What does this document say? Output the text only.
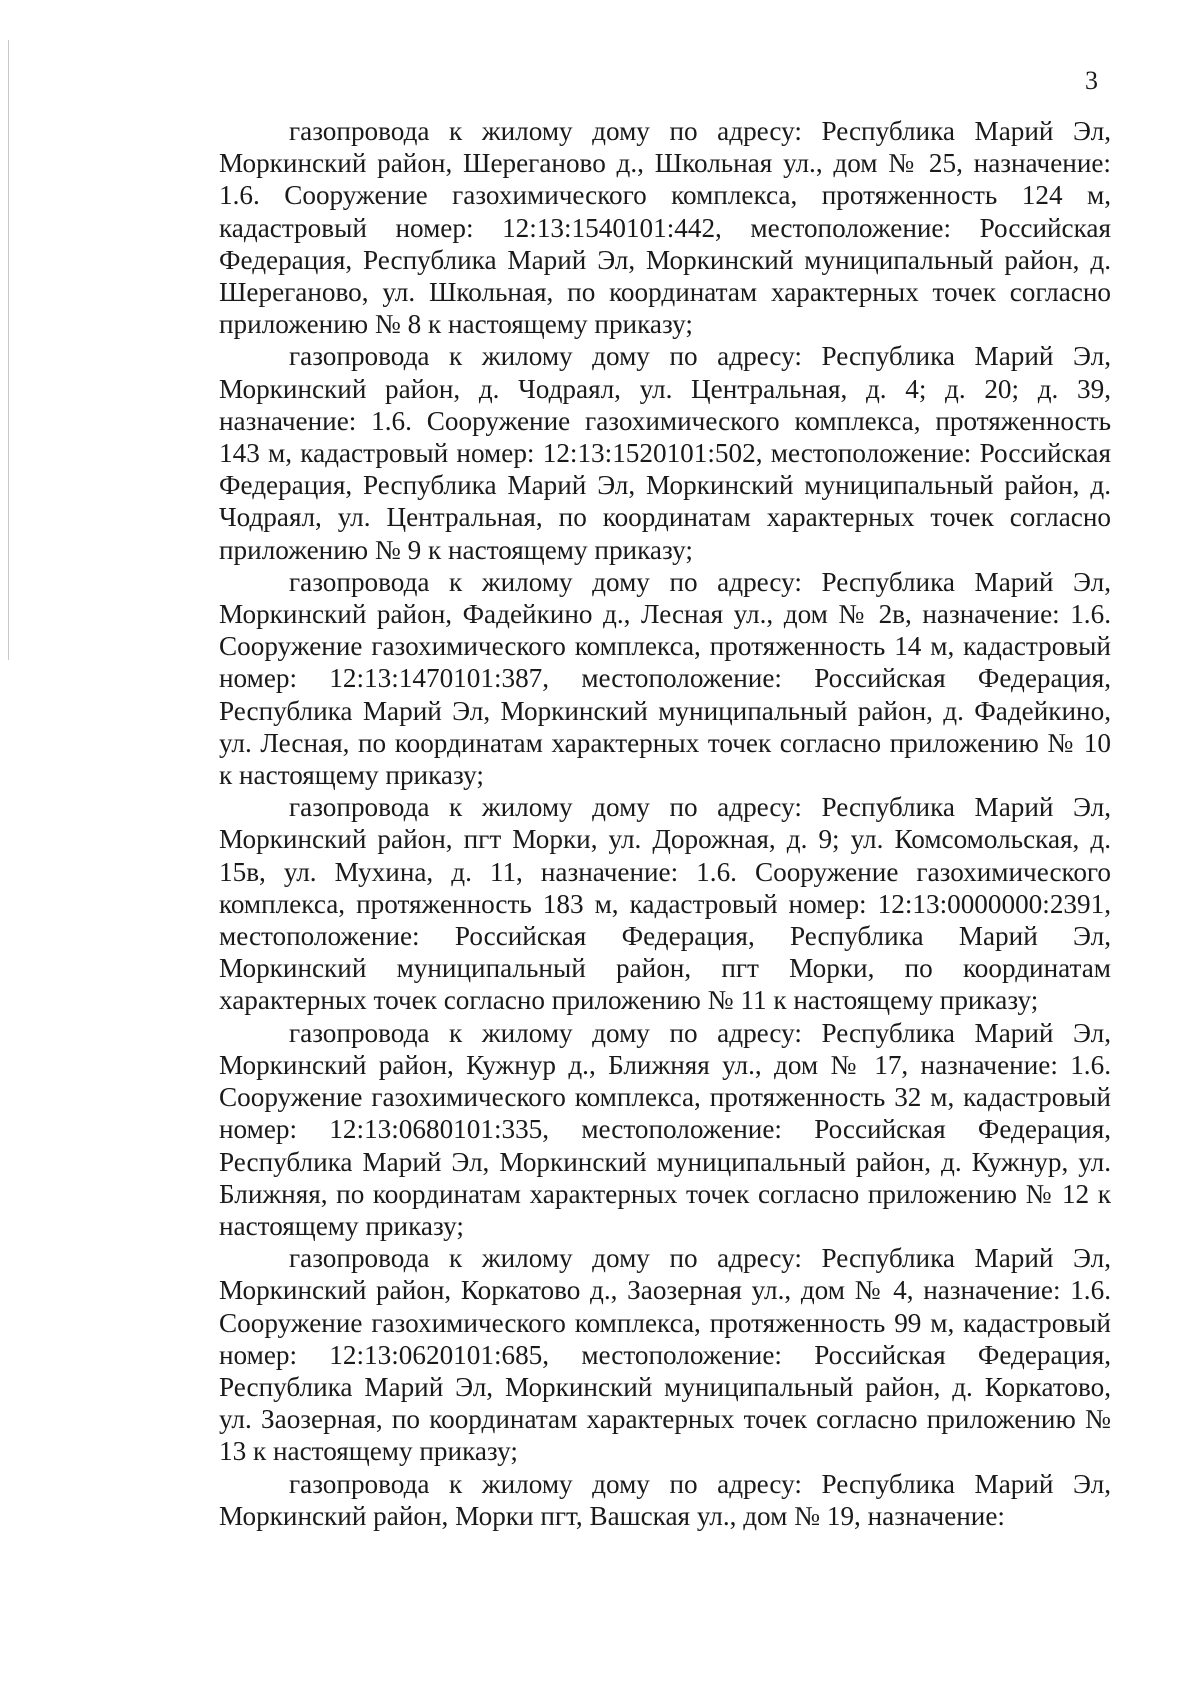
3

газопровода к жилому дому по адресу: Республика Марий Эл, Моркинский район, Шереганово д., Школьная ул., дом № 25, назначение: 1.6. Сооружение газохимического комплекса, протяженность 124 м, кадастровый номер: 12:13:1540101:442, местоположение: Российская Федерация, Республика Марий Эл, Моркинский муниципальный район, д. Шереганово, ул. Школьная, по координатам характерных точек согласно приложению № 8 к настоящему приказу;

газопровода к жилому дому по адресу: Республика Марий Эл, Моркинский район, д. Чодраял, ул. Центральная, д. 4; д. 20; д. 39, назначение: 1.6. Сооружение газохимического комплекса, протяженность 143 м, кадастровый номер: 12:13:1520101:502, местоположение: Российская Федерация, Республика Марий Эл, Моркинский муниципальный район, д. Чодраял, ул. Центральная, по координатам характерных точек согласно приложению № 9 к настоящему приказу;

газопровода к жилому дому по адресу: Республика Марий Эл, Моркинский район, Фадейкино д., Лесная ул., дом № 2в, назначение: 1.6. Сооружение газохимического комплекса, протяженность 14 м, кадастровый номер: 12:13:1470101:387, местоположение: Российская Федерация, Республика Марий Эл, Моркинский муниципальный район, д. Фадейкино, ул. Лесная, по координатам характерных точек согласно приложению № 10 к настоящему приказу;

газопровода к жилому дому по адресу: Республика Марий Эл, Моркинский район, пгт Морки, ул. Дорожная, д. 9; ул. Комсомольская, д. 15в, ул. Мухина, д. 11, назначение: 1.6. Сооружение газохимического комплекса, протяженность 183 м, кадастровый номер: 12:13:0000000:2391, местоположение: Российская Федерация, Республика Марий Эл, Моркинский муниципальный район, пгт Морки, по координатам характерных точек согласно приложению № 11 к настоящему приказу;

газопровода к жилому дому по адресу: Республика Марий Эл, Моркинский район, Кужнур д., Ближняя ул., дом № 17, назначение: 1.6. Сооружение газохимического комплекса, протяженность 32 м, кадастровый номер: 12:13:0680101:335, местоположение: Российская Федерация, Республика Марий Эл, Моркинский муниципальный район, д. Кужнур, ул. Ближняя, по координатам характерных точек согласно приложению № 12 к настоящему приказу;

газопровода к жилому дому по адресу: Республика Марий Эл, Моркинский район, Коркатово д., Заозерная ул., дом № 4, назначение: 1.6. Сооружение газохимического комплекса, протяженность 99 м, кадастровый номер: 12:13:0620101:685, местоположение: Российская Федерация, Республика Марий Эл, Моркинский муниципальный район, д. Коркатово, ул. Заозерная, по координатам характерных точек согласно приложению № 13 к настоящему приказу;

газопровода к жилому дому по адресу: Республика Марий Эл, Моркинский район, Морки пгт, Вашская ул., дом № 19, назначение:
